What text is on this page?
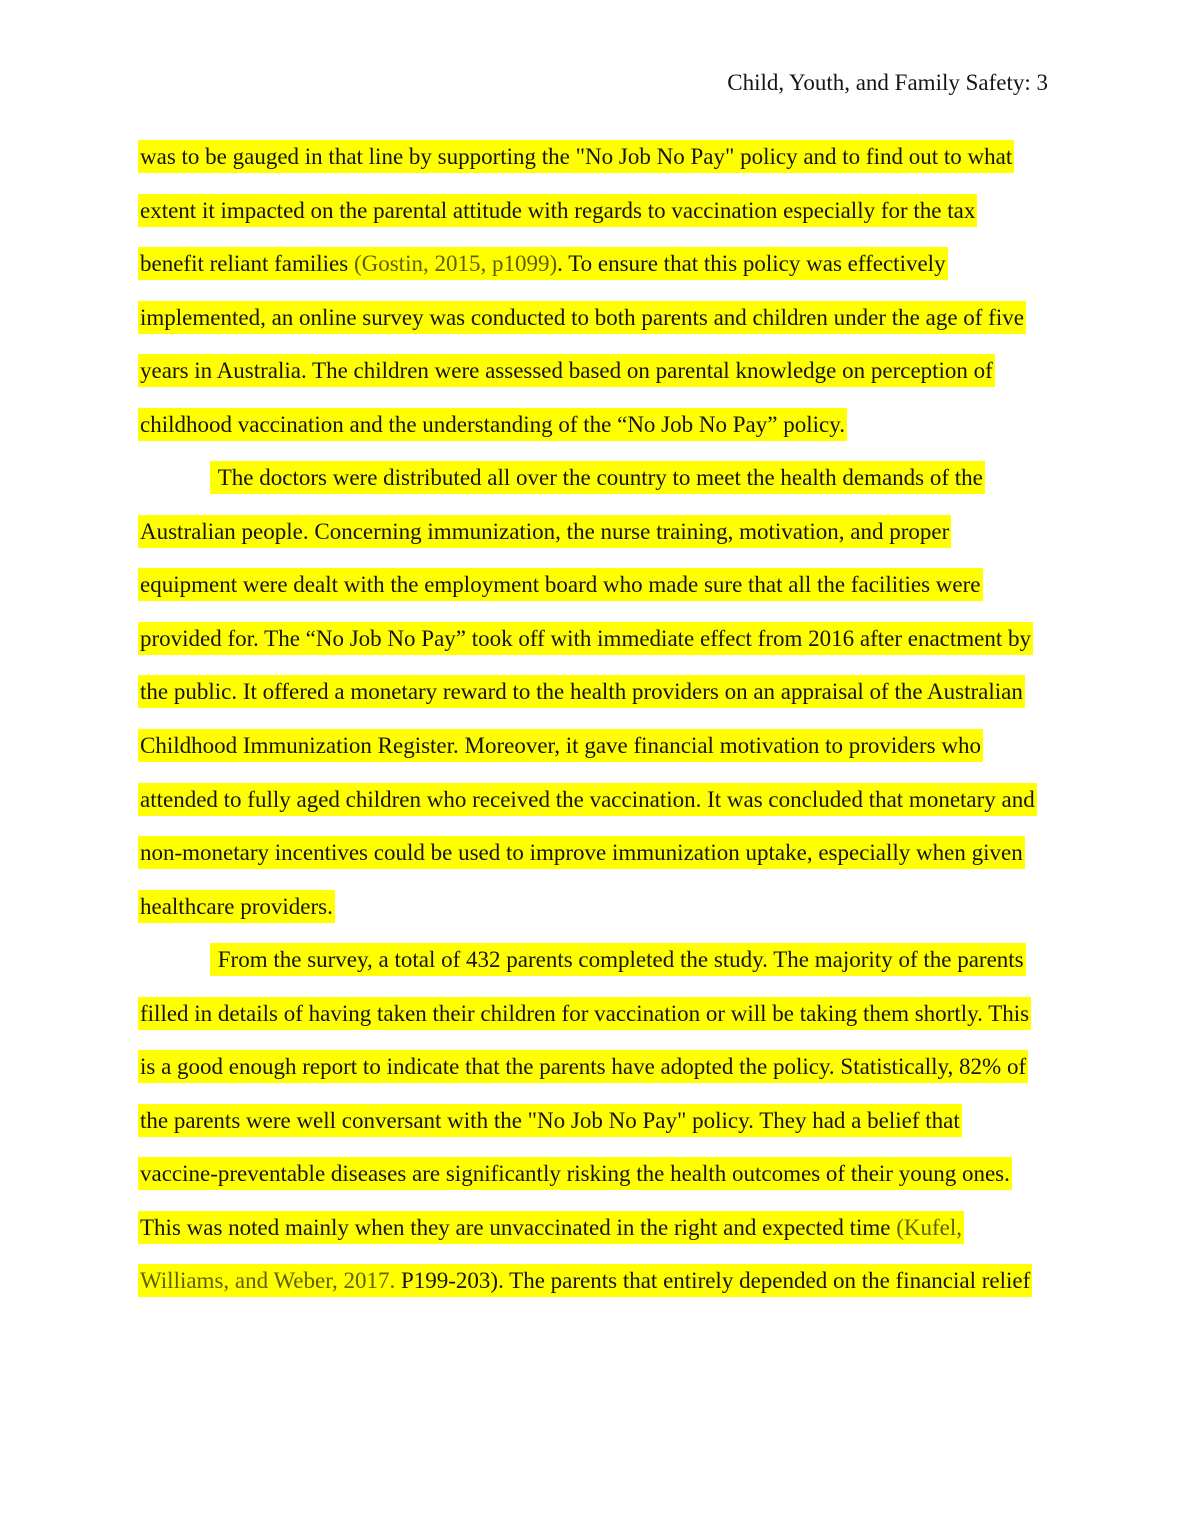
Child, Youth, and Family Safety: 3
was to be gauged in that line by supporting the "No Job No Pay" policy and to find out to what
extent it impacted on the parental attitude with regards to vaccination especially for the tax
benefit reliant families (Gostin, 2015, p1099). To ensure that this policy was effectively
implemented, an online survey was conducted to both parents and children under the age of five
years in Australia. The children were assessed based on parental knowledge on perception of
childhood vaccination and the understanding of the “No Job No Pay” policy.
The doctors were distributed all over the country to meet the health demands of the
Australian people. Concerning immunization, the nurse training, motivation, and proper
equipment were dealt with the employment board who made sure that all the facilities were
provided for. The “No Job No Pay” took off with immediate effect from 2016 after enactment by
the public. It offered a monetary reward to the health providers on an appraisal of the Australian
Childhood Immunization Register. Moreover, it gave financial motivation to providers who
attended to fully aged children who received the vaccination. It was concluded that monetary and
non-monetary incentives could be used to improve immunization uptake, especially when given
healthcare providers.
From the survey, a total of 432 parents completed the study. The majority of the parents
filled in details of having taken their children for vaccination or will be taking them shortly. This
is a good enough report to indicate that the parents have adopted the policy. Statistically, 82% of
the parents were well conversant with the "No Job No Pay" policy. They had a belief that
vaccine-preventable diseases are significantly risking the health outcomes of their young ones.
This was noted mainly when they are unvaccinated in the right and expected time (Kufel,
Williams, and Weber, 2017. P199-203). The parents that entirely depended on the financial relief
